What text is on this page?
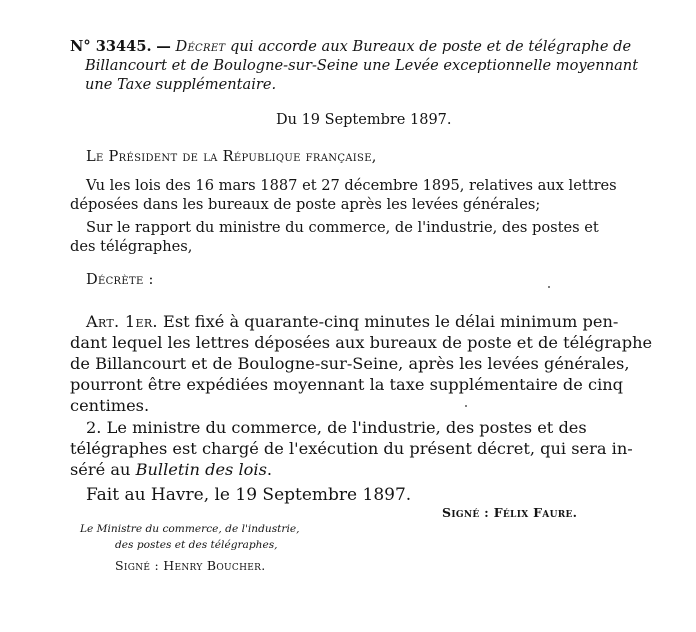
N° 33445. — Décret qui accorde aux Bureaux de poste et de télégraphe de

Billancourt et de Boulogne-sur-Seine une Levée exceptionnelle moyennant

une Taxe supplémentaire.

Du 19 Septembre 1897.

Le Président de la République française,

Vu les lois des 16 mars 1887 et 27 décembre 1895, relatives aux lettres

déposées dans les bureaux de poste après les levées générales;

Sur le rapport du ministre du commerce, de l'industrie, des postes et

des télégraphes,

Décrète :

Art. 1er. Est fixé à quarante-cinq minutes le délai minimum pen-

dant lequel les lettres déposées aux bureaux de poste et de télégraphe

de Billancourt et de Boulogne-sur-Seine, après les levées générales,

pourront être expédiées moyennant la taxe supplémentaire de cinq

centimes.

2. Le ministre du commerce, de l'industrie, des postes et des

télégraphes est chargé de l'exécution du présent décret, qui sera in-

séré au Bulletin des lois.

Fait au Havre, le 19 Septembre 1897.

Signé : Félix Faure.

Le Ministre du commerce, de l'industrie,

des postes et des télégraphes,

Signé : Henry Boucher.
